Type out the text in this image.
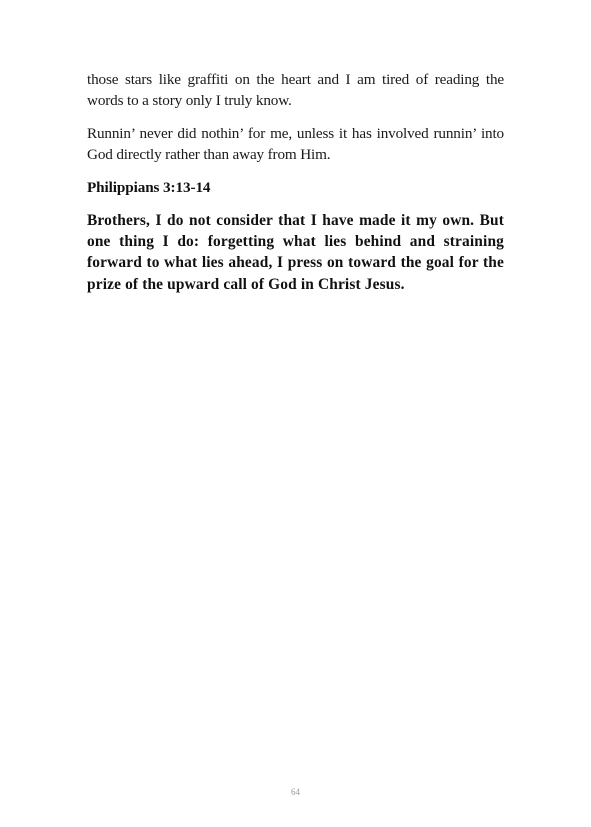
those stars like graffiti on the heart and I am tired of reading the words to a story only I truly know.

Runnin’ never did nothin’ for me, unless it has involved runnin’ into God directly rather than away from Him.

Philippians 3:13-14

Brothers, I do not consider that I have made it my own. But one thing I do: forgetting what lies behind and straining forward to what lies ahead, I press on toward the goal for the prize of the upward call of God in Christ Jesus.

64
